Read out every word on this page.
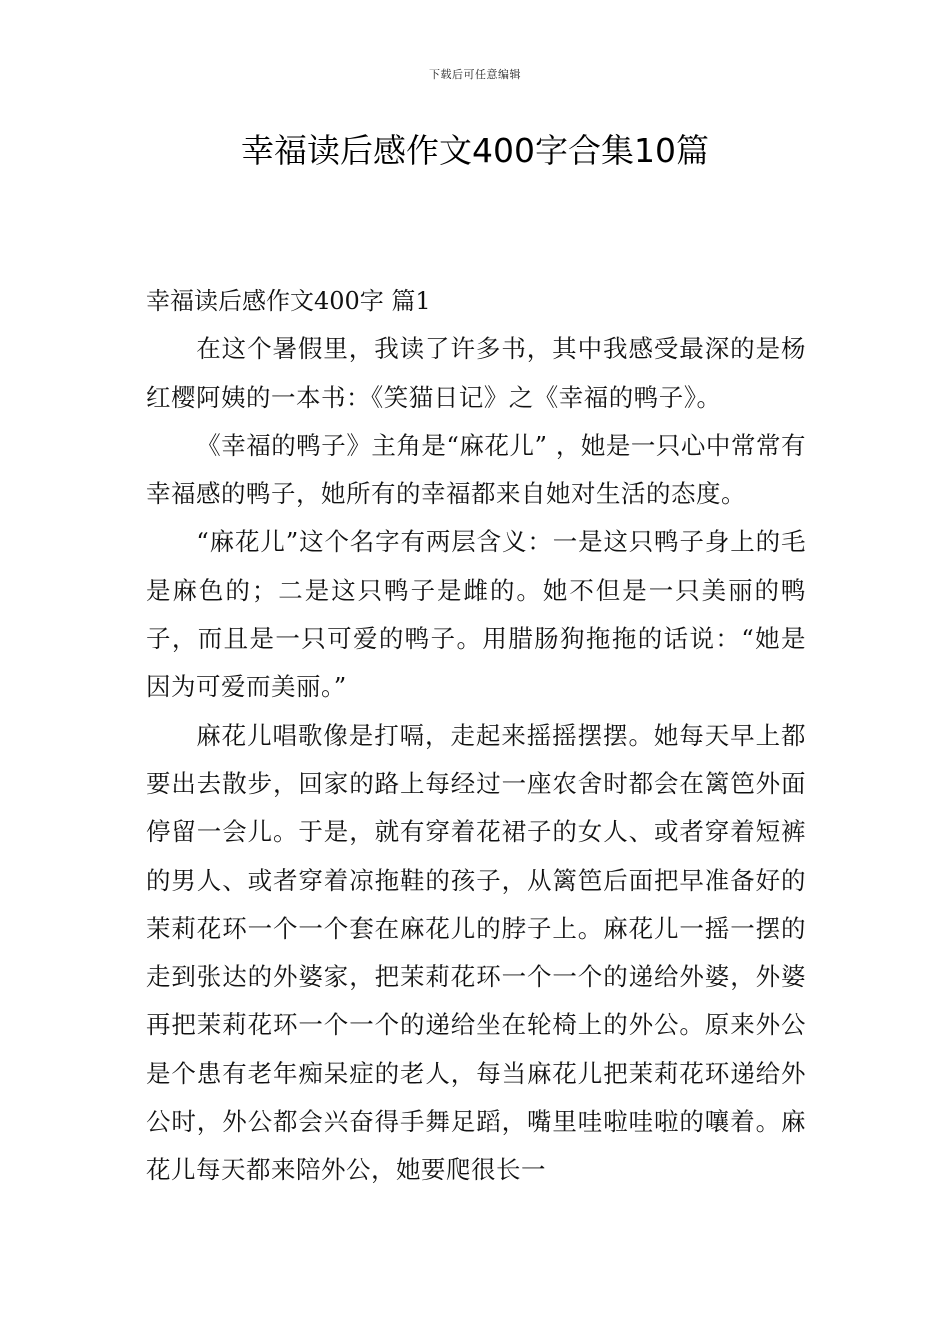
下载后可任意编辑
幸福读后感作文400字合集10篇

幸福读后感作文400字 篇1

在这个暑假里，我读了许多书，其中我感受最深的是杨红樱阿姨的一本书：《笑猫日记》之《幸福的鸭子》。

《幸福的鸭子》主角是“麻花儿” ，她是一只心中常常有幸福感的鸭子，她所有的幸福都来自她对生活的态度。

“麻花儿”这个名字有两层含义：一是这只鸭子身上的毛是麻色的；二是这只鸭子是雌的。她不但是一只美丽的鸭子，而且是一只可爱的鸭子。用腊肠狗拖拖的话说：“她是因为可爱而美丽。”

麻花儿唱歌像是打嗝，走起来摇摇摆摆。她每天早上都要出去散步，回家的路上每经过一座农舍时都会在篱笆外面停留一会儿。于是，就有穿着花裙子的女人、或者穿着短裤的男人、或者穿着凉拖鞋的孩子，从篱笆后面把早准备好的茉莉花环一个一个套在麻花儿的脖子上。麻花儿一摇一摆的走到张达的外婆家，把茉莉花环一个一个的递给外婆，外婆再把茉莉花环一个一个的递给坐在轮椅上的外公。原来外公是个患有老年痴呆症的老人，每当麻花儿把茉莉花环递给外公时，外公都会兴奋得手舞足蹈，嘴里哇啦哇啦的嚷着。麻花儿每天都来陪外公，她要爬很长一
